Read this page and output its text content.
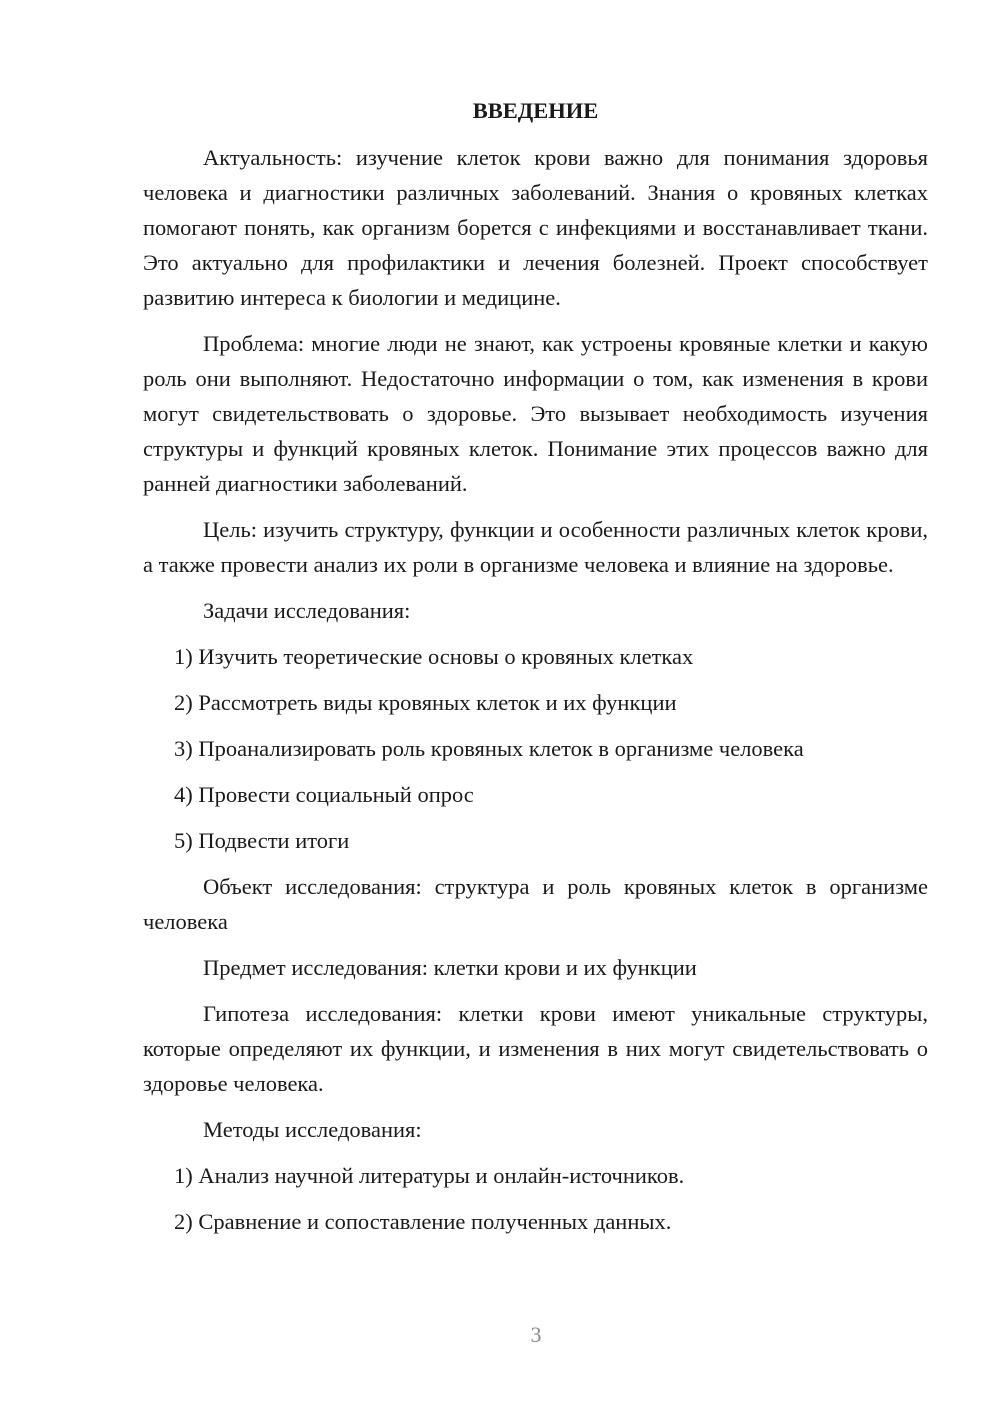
ВВЕДЕНИЕ

Актуальность: изучение клеток крови важно для понимания здоровья человека и диагностики различных заболеваний. Знания о кровяных клетках помогают понять, как организм борется с инфекциями и восстанавливает ткани. Это актуально для профилактики и лечения болезней. Проект способствует развитию интереса к биологии и медицине.

Проблема: многие люди не знают, как устроены кровяные клетки и какую роль они выполняют. Недостаточно информации о том, как изменения в крови могут свидетельствовать о здоровье. Это вызывает необходимость изучения структуры и функций кровяных клеток. Понимание этих процессов важно для ранней диагностики заболеваний.

Цель: изучить структуру, функции и особенности различных клеток крови, а также провести анализ их роли в организме человека и влияние на здоровье.

Задачи исследования:

1) Изучить теоретические основы о кровяных клетках

2) Рассмотреть виды кровяных клеток и их функции

3) Проанализировать роль кровяных клеток в организме человека

4) Провести социальный опрос

5) Подвести итоги

Объект исследования: структура и роль кровяных клеток в организме человека

Предмет исследования: клетки крови и их функции

Гипотеза исследования: клетки крови имеют уникальные структуры, которые определяют их функции, и изменения в них могут свидетельствовать о здоровье человека.

Методы исследования:

1) Анализ научной литературы и онлайн-источников.

2) Сравнение и сопоставление полученных данных.

3
